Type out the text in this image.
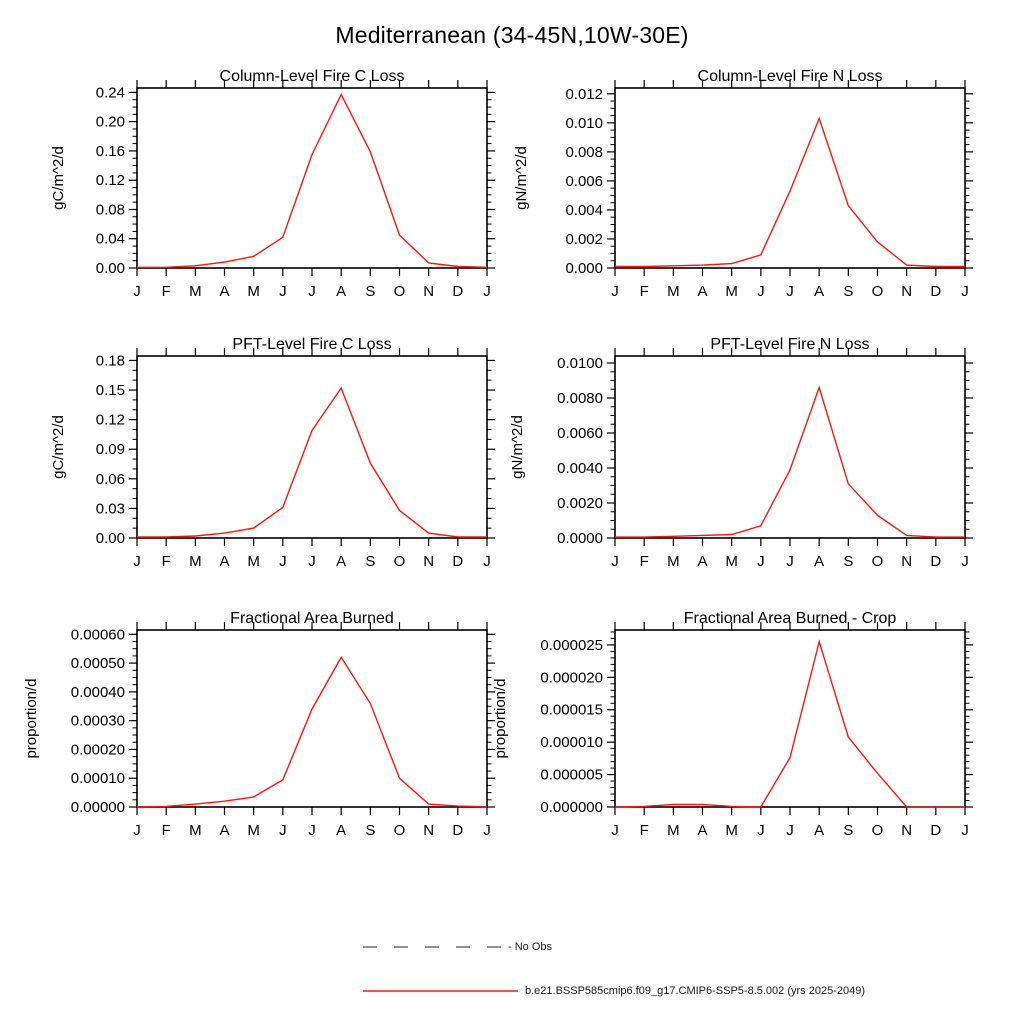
Mediterranean (34-45N,10W-30E)
J F M A M J J A S O N D J
0.00
0.04
0.08
0.12
0.16
0.20
0.24
Column-Level Fire C Loss
gC/m^2/d
J F M A M J J A S O N D J
0.000
0.002
0.004
0.006
0.008
0.010
0.012
Column-Level Fire N Loss
gN/m^2/d
J F M A M J J A S O N D J
0.00
0.03
0.06
0.09
0.12
0.15
0.18
PFT-Level Fire C Loss
gC/m^2/d
J F M A M J J A S O N D J
0.0000
0.0020
0.0040
0.0060
0.0080
0.0100
PFT-Level Fire N Loss
gN/m^2/d
J F M A M J J A S O N D J
0.00000
0.00010
0.00020
0.00030
0.00040
0.00050
0.00060
Fractional Area Burned
proportion/d
J F M A M J J A S O N D J
0.000000
0.000005
0.000010
0.000015
0.000020
0.000025
Fractional Area Burned - Crop
proportion/d
- No Obs
b.e21.BSSP585cmip6.f09_g17.CMIP6-SSP5-8.5.002 (yrs 2025-2049)
